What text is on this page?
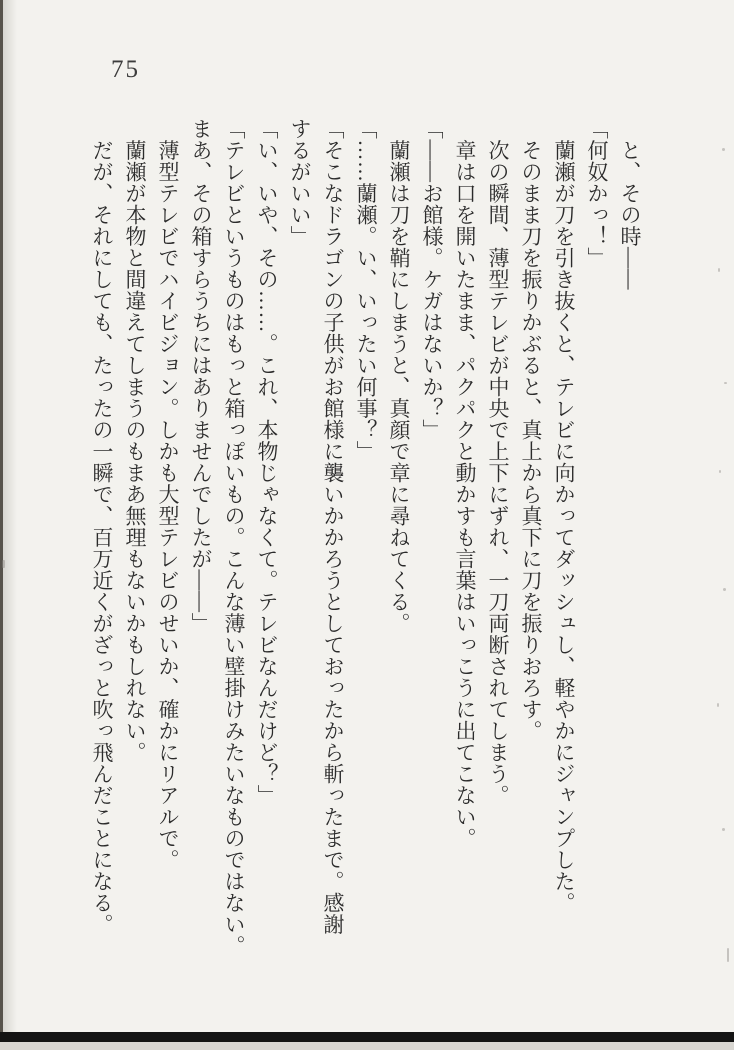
75
　と、その時――
「何奴かっ！」
　蘭瀬が刀を引き抜くと、テレビに向かってダッシュし、軽やかにジャンプした。
　そのまま刀を振りかぶると、真上から真下に刀を振りおろす。
　次の瞬間、薄型テレビが中央で上下にずれ、一刀両断されてしまう。
　章は口を開いたまま、パクパクと動かすも言葉はいっこうに出てこない。
「――お館様。ケガはないか？」
　蘭瀬は刀を鞘にしまうと、真顔で章に尋ねてくる。
「……蘭瀬。い、いったい何事？」
「そこなドラゴンの子供がお館様に襲いかかろうとしておったから斬ったまで。感謝
するがいい」
「い、いや、その……。これ、本物じゃなくて。テレビなんだけど？」
「テレビというものはもっと箱っぽいもの。こんな薄い壁掛けみたいなものではない。
まあ、その箱すらうちにはありませんでしたが――」
　薄型テレビでハイビジョン。しかも大型テレビのせいか、確かにリアルで。
　蘭瀬が本物と間違えてしまうのもまあ無理もないかもしれない。
　だが、それにしても、たったの一瞬で、百万近くがざっと吹っ飛んだことになる。
